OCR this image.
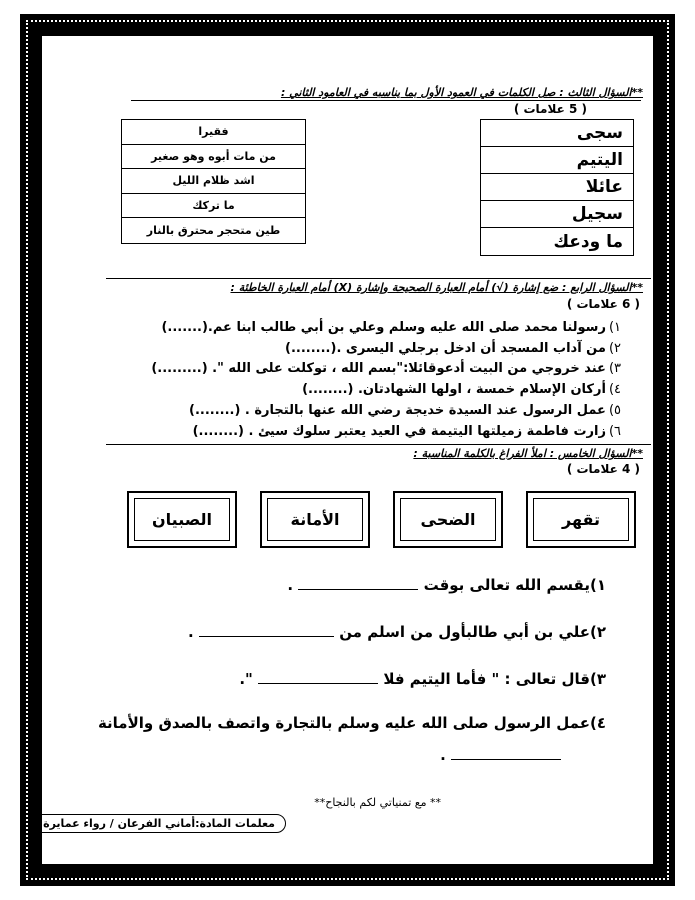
**السؤال الثالث : صل الكلمات في العمود الأول بما يناسبه في العامود الثاني :
( 5 علامات )
سجى
اليتيم
عائلا
سجيل
ما ودعك
فقيرا
من مات أبوه وهو صغير
اشد ظلام الليل
ما تركك
طين متحجر محترق بالنار
**السؤال الرابع : ضع إشارة (√) أمام العبارة الصحيحة وإشارة (X) أمام العبارة الخاطئة :
( 6 علامات )
١)رسولنا محمد صلى الله عليه وسلم وعلي بن أبي طالب ابنا عم.(.......)
٢)من آداب المسجد أن ادخل برجلي اليسرى .(........)
٣)عند خروجي من البيت أدعوقائلا:"بسم الله ، توكلت على الله ". (.........)
٤)أركان الإسلام خمسة ، اولها الشهادتان. (........)
٥)عمل الرسول عند السيدة خديجة رضي الله عنها بالتجارة . (........)
٦)زارت فاطمة زميلتها اليتيمة في العيد يعتبر سلوك سيئ . (........)
**السؤال الخامس : املأ الفراغ بالكلمة المناسبة :
( 4 علامات )
تقهر
الضحى
الأمانة
الصبيان
١)يقسم الله تعالى بوقت  .
٢)علي بن أبي طالبأول من اسلم من  .
٣)قال تعالى : " فأما اليتيم فلا  ".
٤)عمل الرسول صلى الله عليه وسلم بالتجارة واتصف بالصدق والأمانة
.
** مع تمنياتي لكم بالنجاح**
معلمات المادة:أماني الفرعان / رواء عمايرة
